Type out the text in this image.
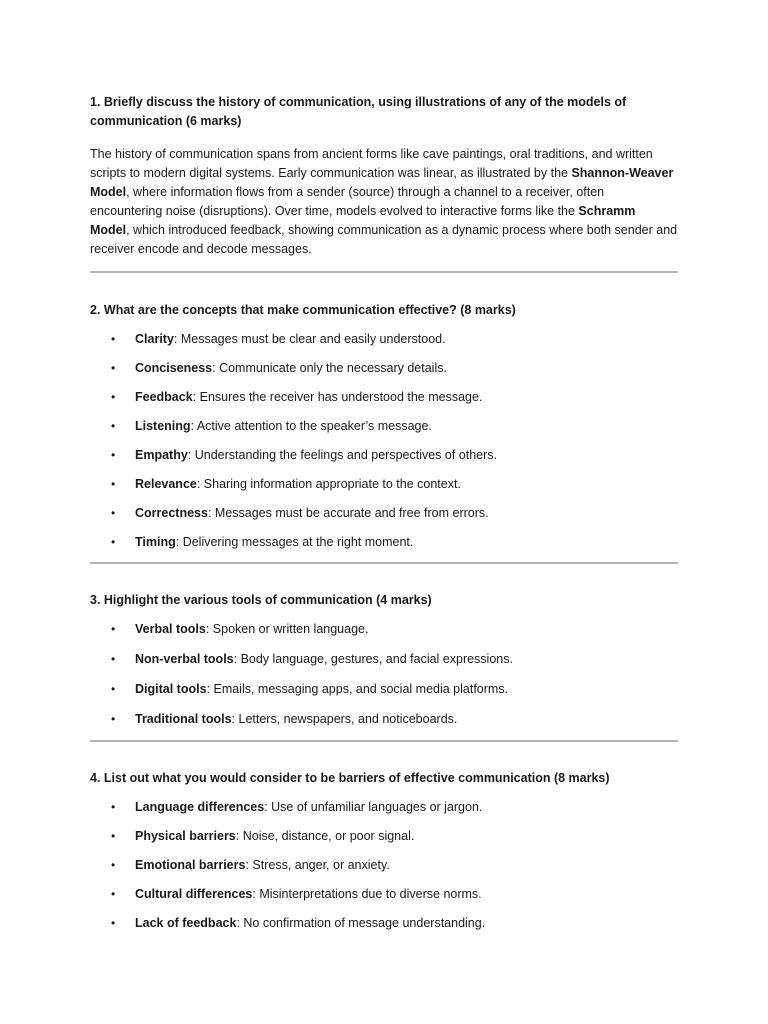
1. Briefly discuss the history of communication, using illustrations of any of the models of communication (6 marks)

The history of communication spans from ancient forms like cave paintings, oral traditions, and written scripts to modern digital systems. Early communication was linear, as illustrated by the Shannon-Weaver Model, where information flows from a sender (source) through a channel to a receiver, often encountering noise (disruptions). Over time, models evolved to interactive forms like the Schramm Model, which introduced feedback, showing communication as a dynamic process where both sender and receiver encode and decode messages.

2. What are the concepts that make communication effective? (8 marks)

• Clarity: Messages must be clear and easily understood.
• Conciseness: Communicate only the necessary details.
• Feedback: Ensures the receiver has understood the message.
• Listening: Active attention to the speaker’s message.
• Empathy: Understanding the feelings and perspectives of others.
• Relevance: Sharing information appropriate to the context.
• Correctness: Messages must be accurate and free from errors.
• Timing: Delivering messages at the right moment.

3. Highlight the various tools of communication (4 marks)

• Verbal tools: Spoken or written language.
• Non-verbal tools: Body language, gestures, and facial expressions.
• Digital tools: Emails, messaging apps, and social media platforms.
• Traditional tools: Letters, newspapers, and noticeboards.

4. List out what you would consider to be barriers of effective communication (8 marks)

• Language differences: Use of unfamiliar languages or jargon.
• Physical barriers: Noise, distance, or poor signal.
• Emotional barriers: Stress, anger, or anxiety.
• Cultural differences: Misinterpretations due to diverse norms.
• Lack of feedback: No confirmation of message understanding.
